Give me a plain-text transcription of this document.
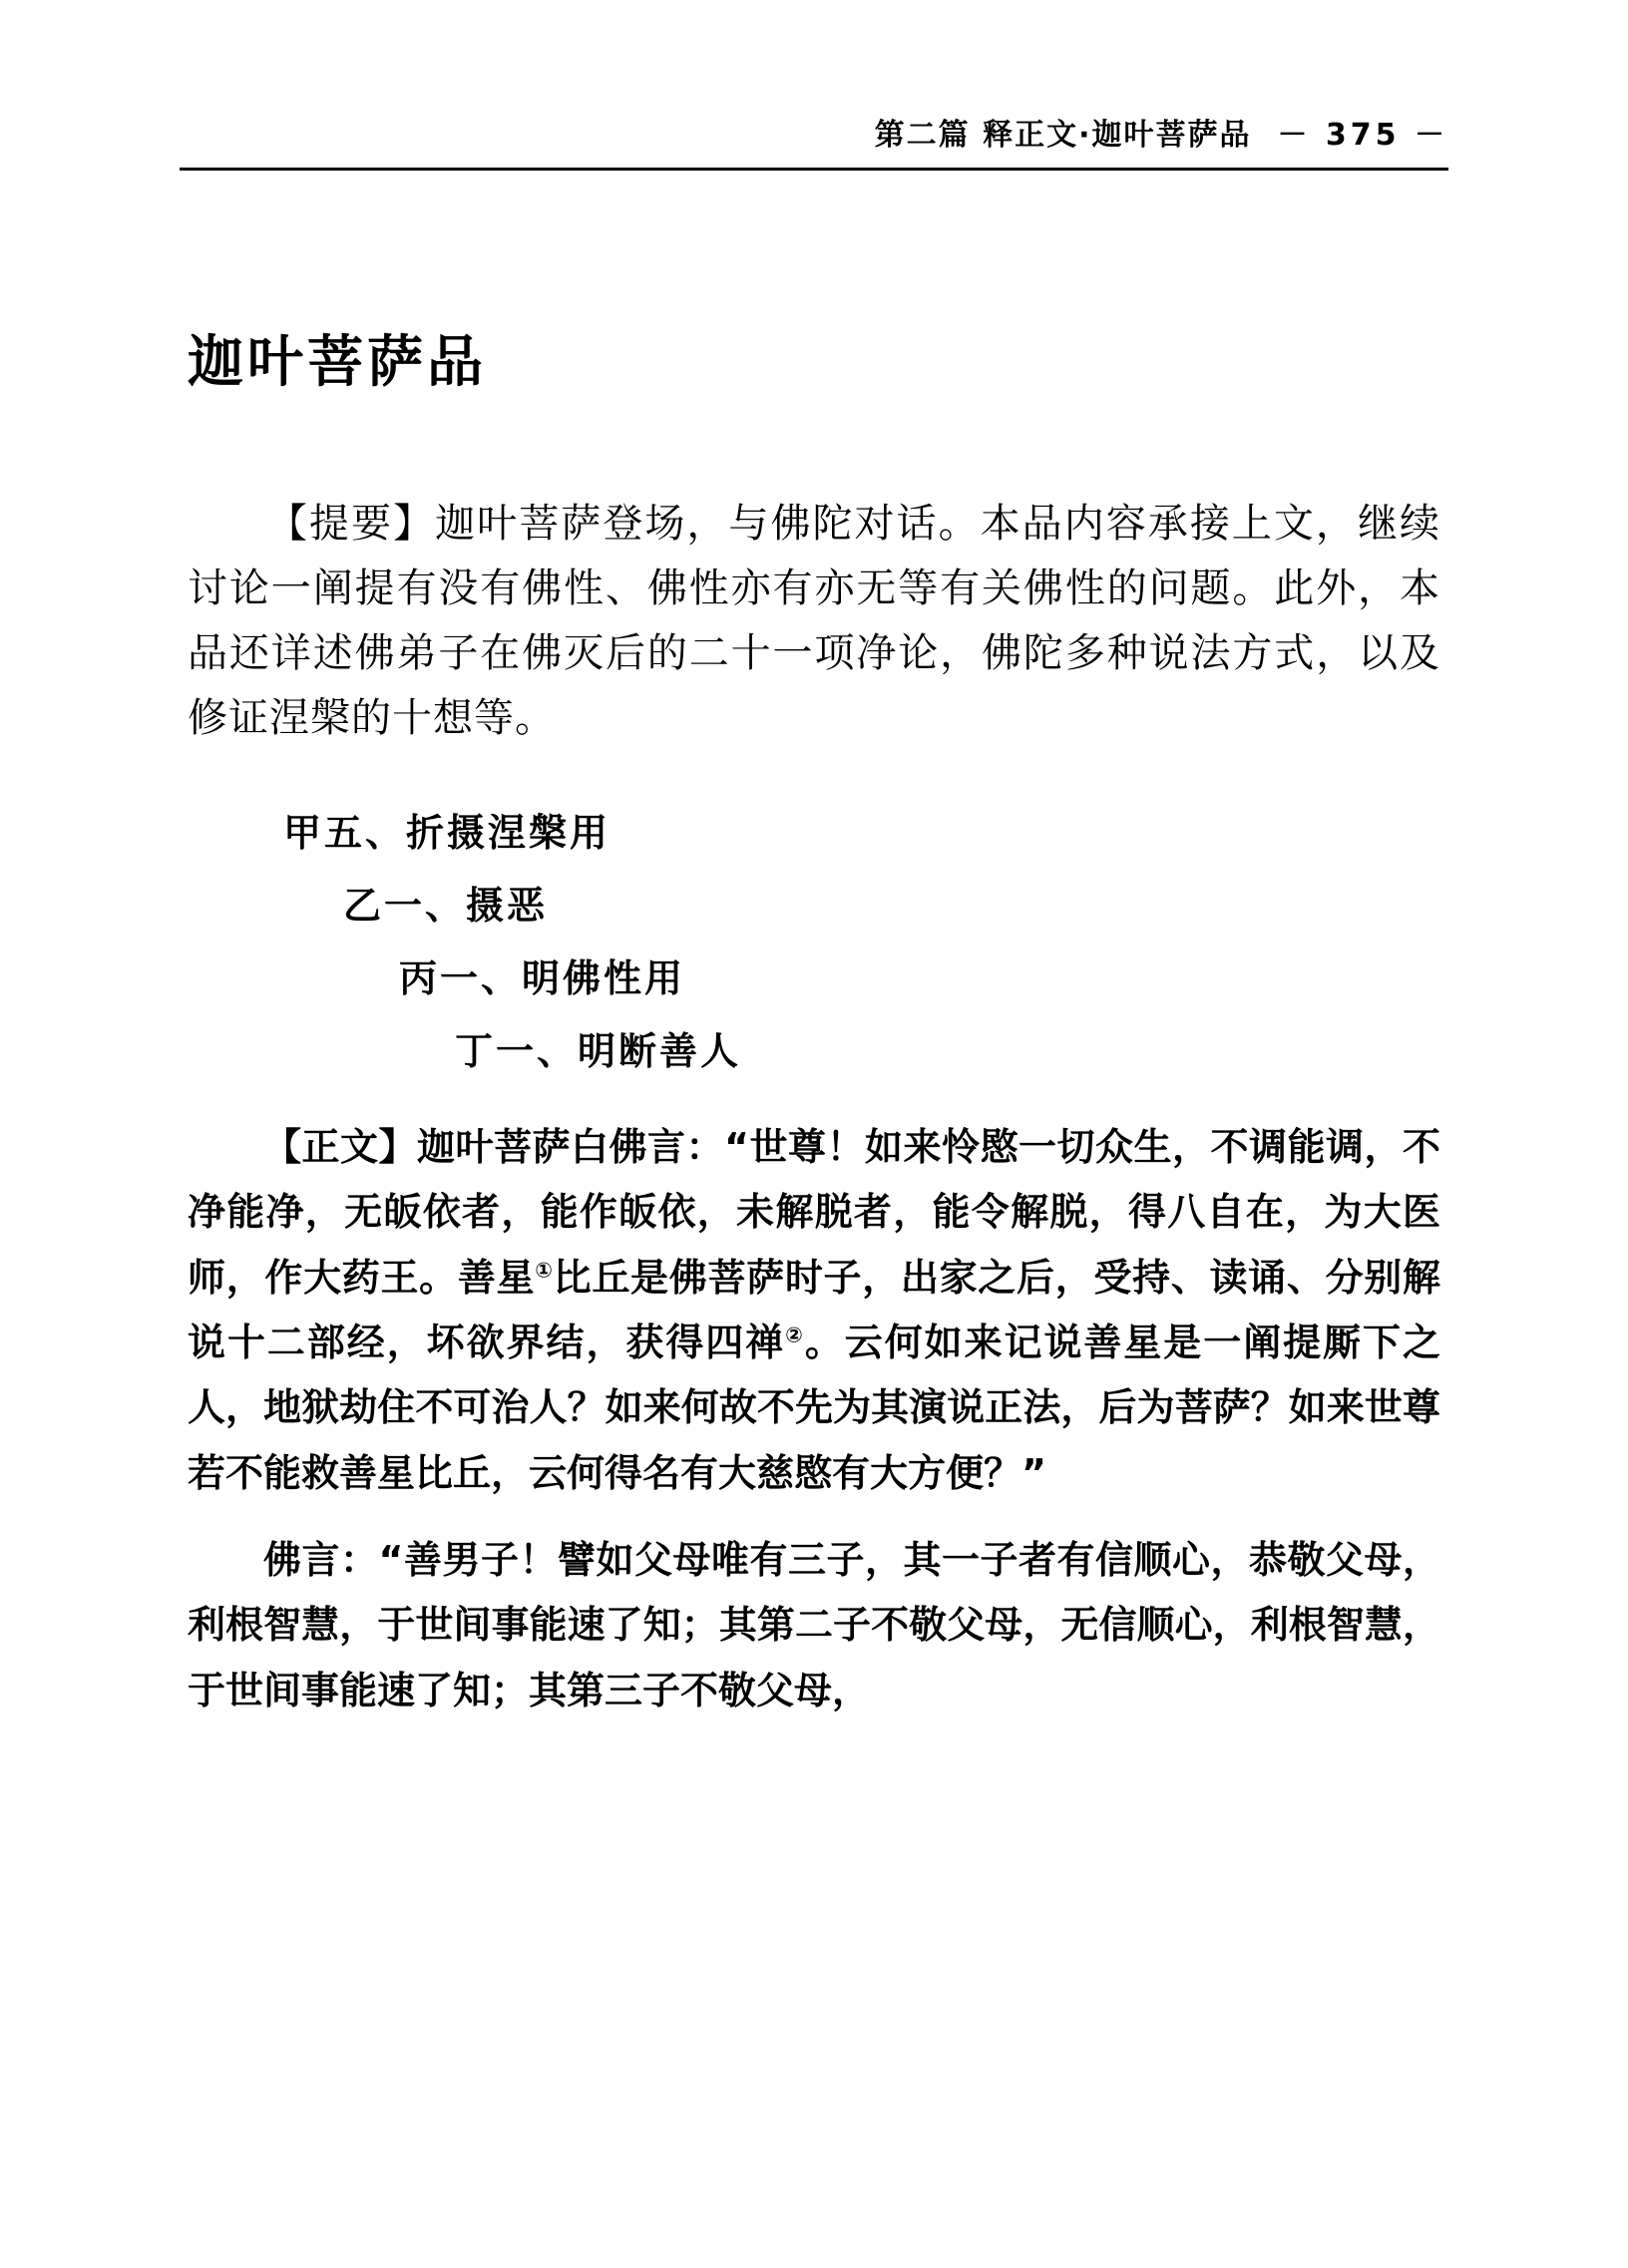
第二篇 释正文·迦叶菩萨品 － 375 －
迦叶菩萨品

【提要】迦叶菩萨登场，与佛陀对话。本品内容承接上文，继续讨论一阐提有没有佛性、佛性亦有亦无等有关佛性的问题。此外，本品还详述佛弟子在佛灭后的二十一项净论，佛陀多种说法方式，以及修证涅槃的十想等。

甲五、折摄涅槃用
乙一、摄恶
丙一、明佛性用
丁一、明断善人

【正文】迦叶菩萨白佛言：“世尊！如来怜愍一切众生，不调能调，不净能净，无皈依者，能作皈依，未解脱者，能令解脱，得八自在，为大医师，作大药王。善星①比丘是佛菩萨时子，出家之后，受持、读诵、分别解说十二部经，坏欲界结，获得四禅②。云何如来记说善星是一阐提厮下之人，地狱劫住不可治人？如来何故不先为其演说正法，后为菩萨？如来世尊若不能救善星比丘，云何得名有大慈愍有大方便？”

佛言：“善男子！譬如父母唯有三子，其一子者有信顺心，恭敬父母，利根智慧，于世间事能速了知；其第二子不敬父母，无信顺心，利根智慧，于世间事能速了知；其第三子不敬父母，
